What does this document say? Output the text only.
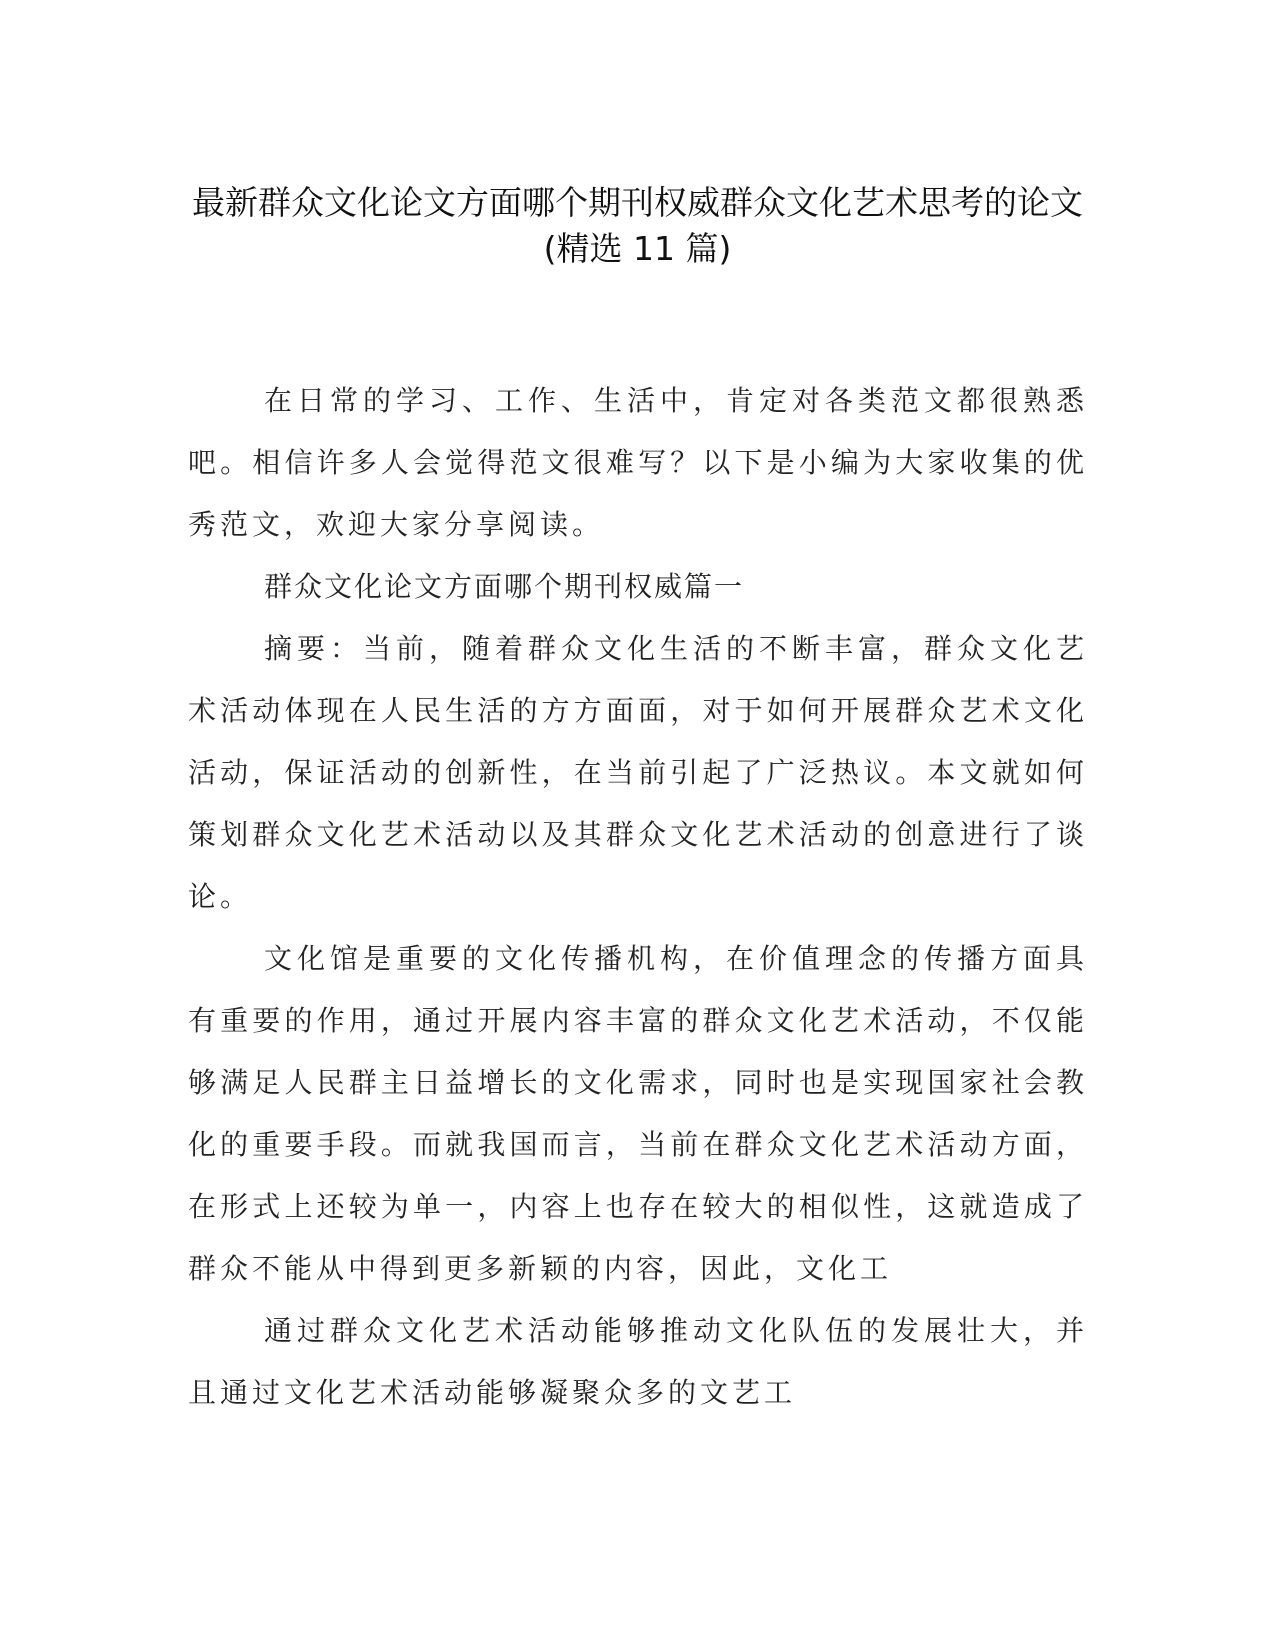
最新群众文化论文方面哪个期刊权威群众文化艺术思考的论文
(精选 11 篇)

在日常的学习、工作、生活中，肯定对各类范文都很熟悉吧。相信许多人会觉得范文很难写？以下是小编为大家收集的优秀范文，欢迎大家分享阅读。

群众文化论文方面哪个期刊权威篇一

摘要：当前，随着群众文化生活的不断丰富，群众文化艺术活动体现在人民生活的方方面面，对于如何开展群众艺术文化活动，保证活动的创新性，在当前引起了广泛热议。本文就如何策划群众文化艺术活动以及其群众文化艺术活动的创意进行了谈论。

文化馆是重要的文化传播机构，在价值理念的传播方面具有重要的作用，通过开展内容丰富的群众文化艺术活动，不仅能够满足人民群主日益增长的文化需求，同时也是实现国家社会教化的重要手段。而就我国而言，当前在群众文化艺术活动方面，在形式上还较为单一，内容上也存在较大的相似性，这就造成了群众不能从中得到更多新颖的内容，因此，文化工

通过群众文化艺术活动能够推动文化队伍的发展壮大，并且通过文化艺术活动能够凝聚众多的文艺工
